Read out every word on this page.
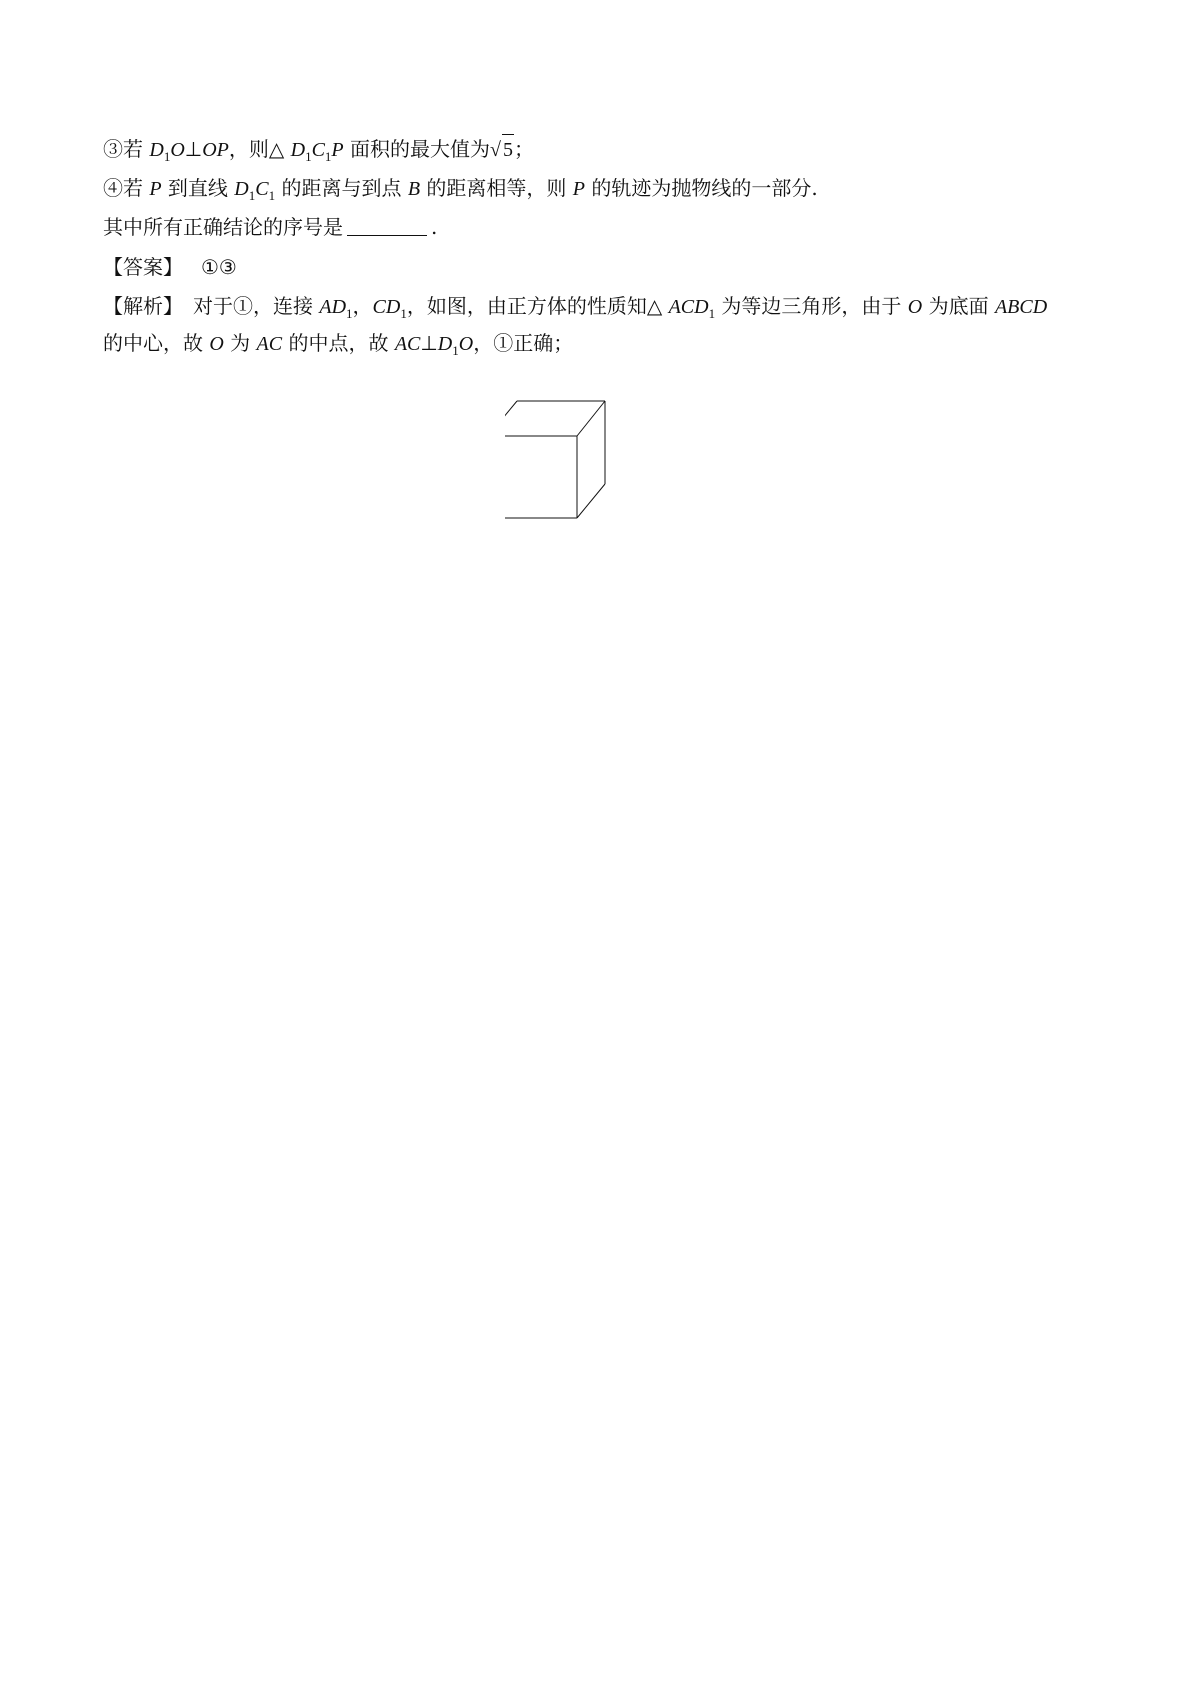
③若 $D_1O\perp OP$，则△ $D_1C_1P$ 面积的最大值为√ 5；
④若 P 到直线 $D_1C_1$ 的距离与到点 B 的距离相等，则 P 的轨迹为抛物线的一部分.
其中所有正确结论的序号是	.
【答案】 ①③
【解析】 对于①，连接 $AD_1$，$CD_1$，如图，由正方体的性质知△ $ACD_1$ 为等边三角形，由于 O 为底面 ABCD
的中心，故 O 为 AC 的中点，故 $AC\perp D_1O$，①正确；
